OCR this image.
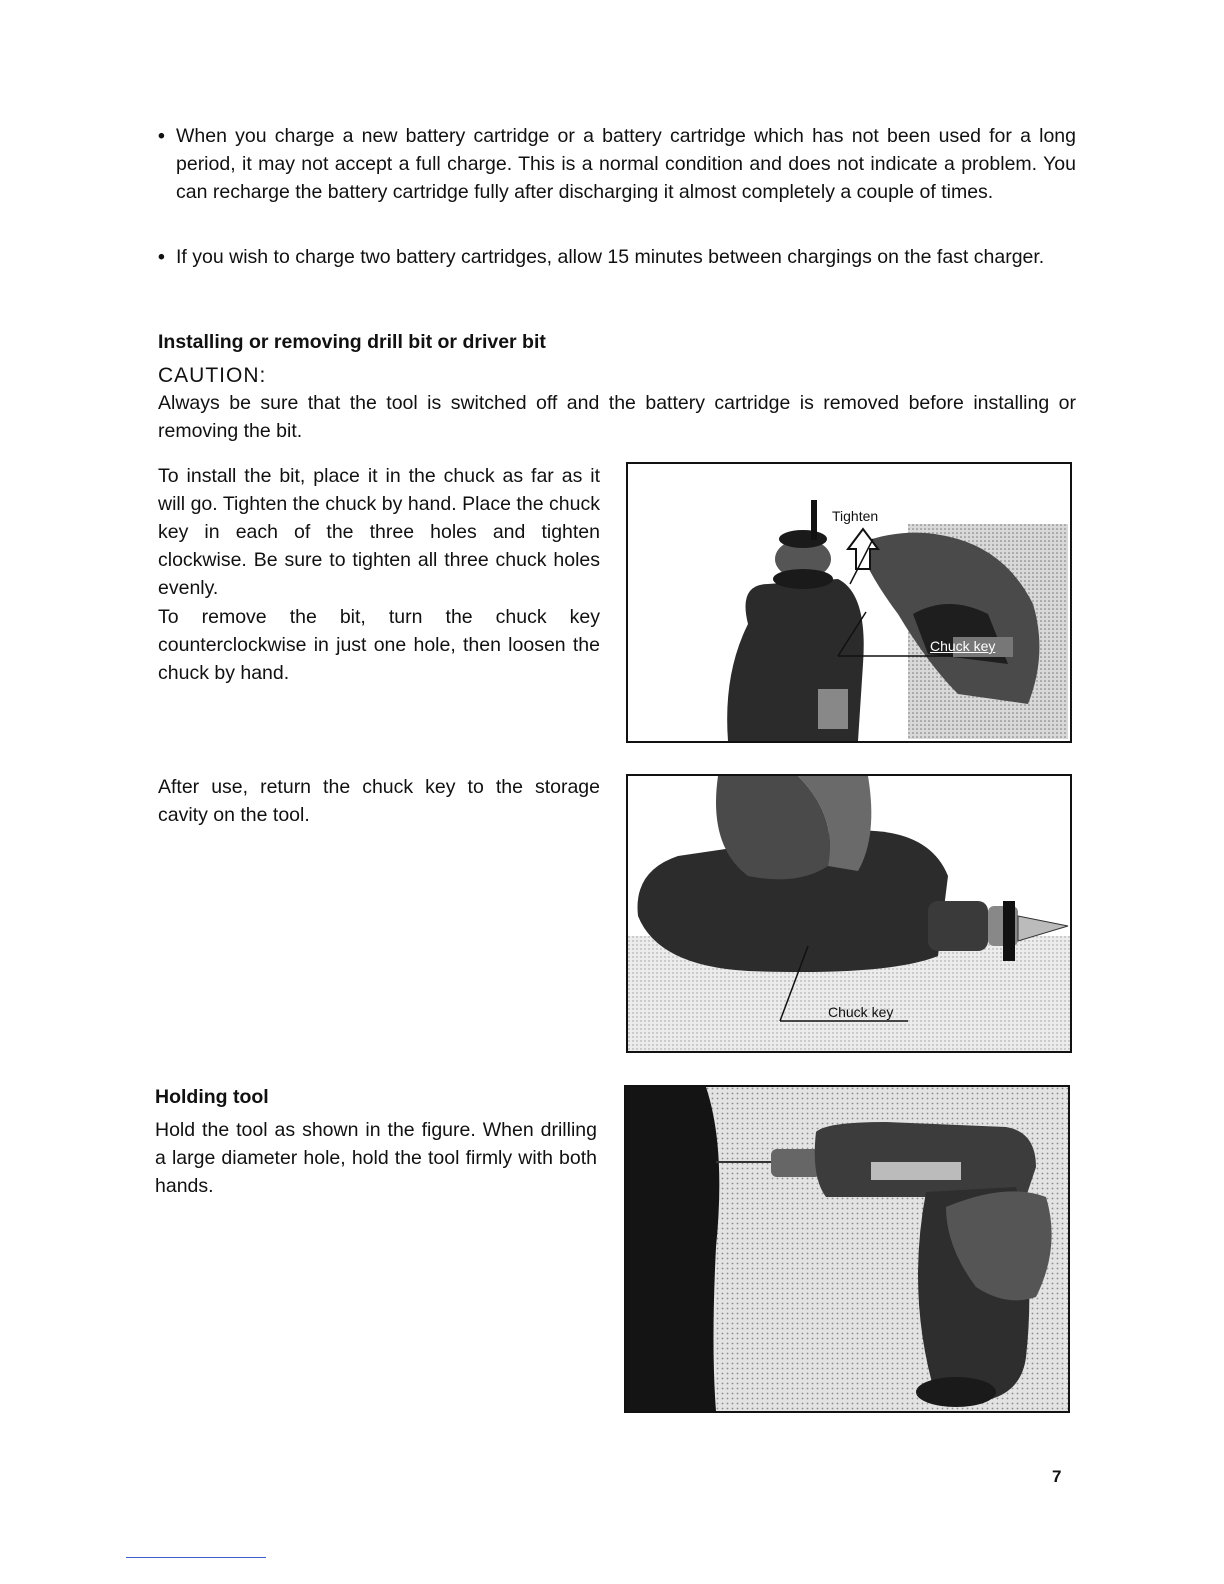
• When you charge a new battery cartridge or a battery cartridge which has not been used for a long period, it may not accept a full charge. This is a normal condition and does not indicate a problem. You can recharge the battery cartridge fully after discharging it almost completely a couple of times.
• If you wish to charge two battery cartridges, allow 15 minutes between chargings on the fast charger.
Installing or removing drill bit or driver bit
CAUTION:
Always be sure that the tool is switched off and the battery cartridge is removed before installing or removing the bit.
To install the bit, place it in the chuck as far as it will go. Tighten the chuck by hand. Place the chuck key in each of the three holes and tighten clockwise. Be sure to tighten all three chuck holes evenly.
To remove the bit, turn the chuck key counterclockwise in just one hole, then loosen the chuck by hand.
Tighten
Chuck key
After use, return the chuck key to the storage cavity on the tool.
Chuck key
Holding tool
Hold the tool as shown in the figure. When drilling a large diameter hole, hold the tool firmly with both hands.
7
